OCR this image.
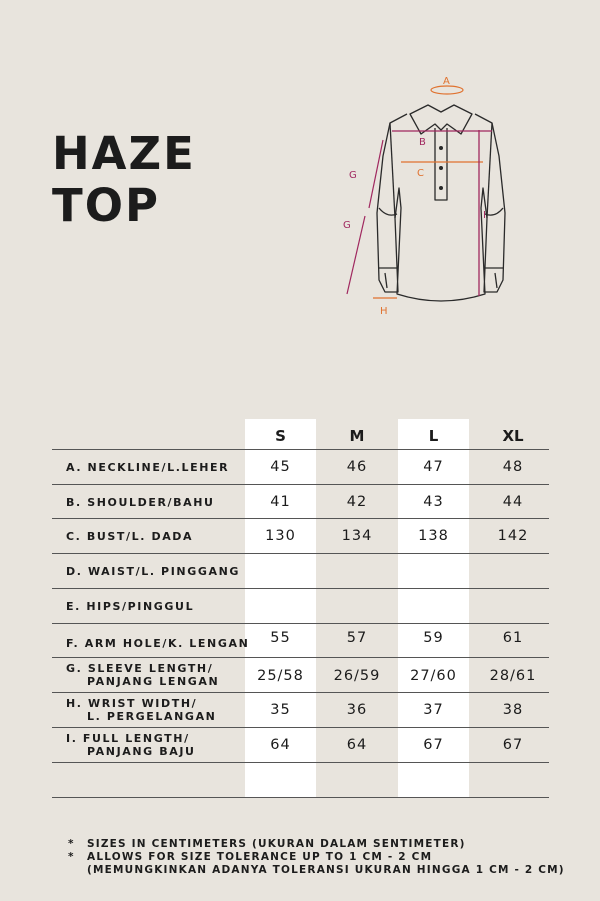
HAZE
TOP
A
B
C
G
G
H
I
S	M	L	XL
A. NECKLINE/L.LEHER	45	46	47	48
B. SHOULDER/BAHU	41	42	43	44
C. BUST/L. DADA	130	134	138	142
D. WAIST/L. PINGGANG
E. HIPS/PINGGUL
F. ARM HOLE/K. LENGAN	55	57	59	61
G. SLEEVE LENGTH/
PANJANG LENGAN	25/58	26/59	27/60	28/61
H. WRIST WIDTH/
L. PERGELANGAN	35	36	37	38
I. FULL LENGTH/
PANJANG BAJU	64	64	67	67
* SIZES IN CENTIMETERS (UKURAN DALAM SENTIMETER)
* ALLOWS FOR SIZE TOLERANCE UP TO 1 CM - 2 CM
(MEMUNGKINKAN ADANYA TOLERANSI UKURAN HINGGA 1 CM - 2 CM)
